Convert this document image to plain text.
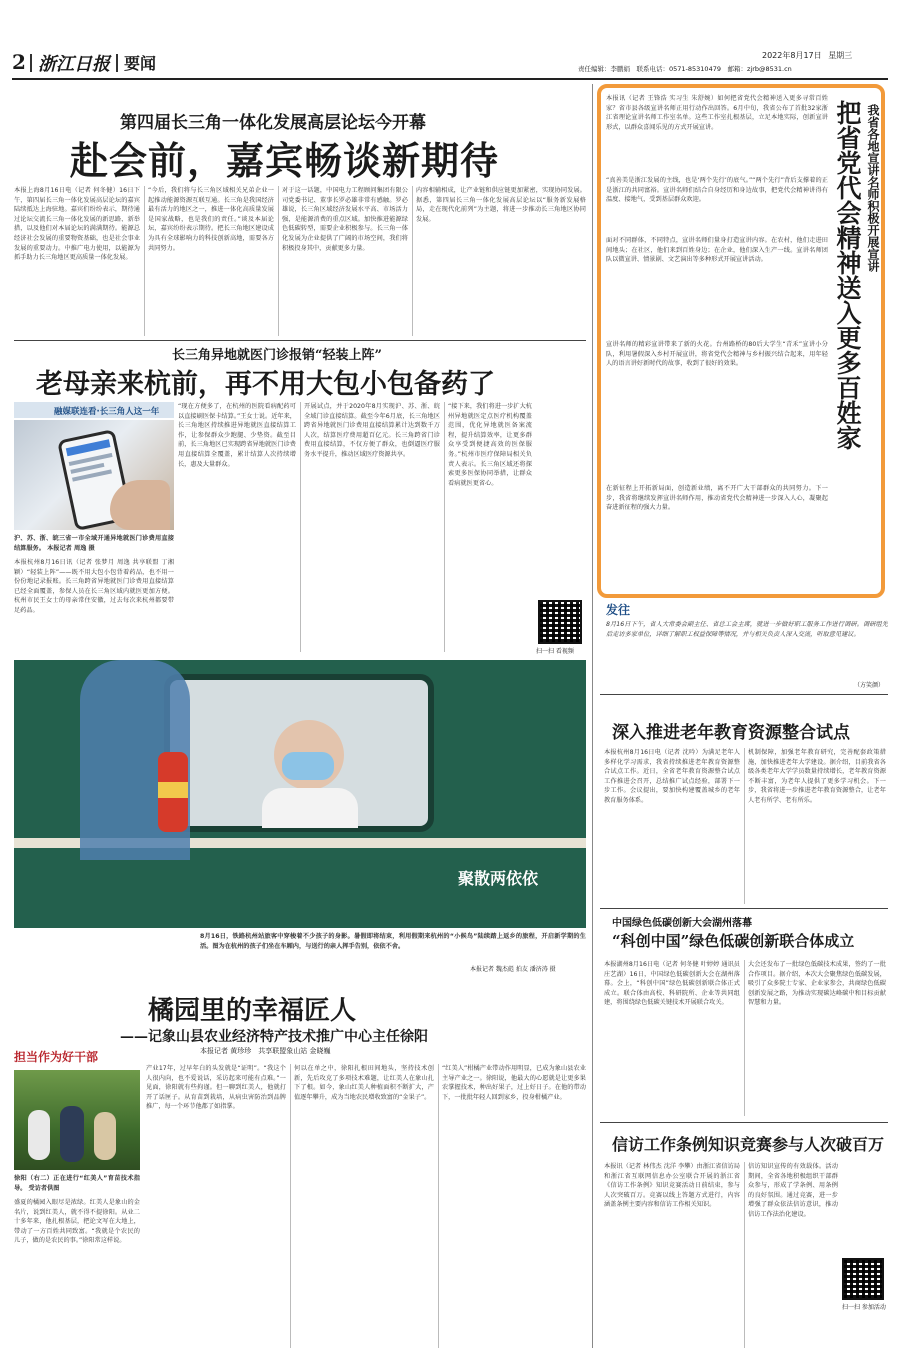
2 浙江日报 要闻	2022年8月17日 星期三
责任编辑：李鹏娟　联系电话：0571-85310479　邮箱：zjrb@8531.cn
第四届长三角一体化发展高层论坛今开幕
赴会前，嘉宾畅谈新期待
本报上海8月16日电（记者 何冬健）16日下午，第四届长三角一体化发展高层论坛的嘉宾陆续抵达上海驻地。嘉宾们纷纷表示，期待通过论坛交流长三角一体化发展的新思路、新举措，以及他们对本届论坛的满满期待。能源总经济社会发展的重要物资基础，也是社会事业发展的重要动力。中推广电力使用，以能源为抓手助力长三角地区更高质量一体化发展。
“今后，我们将与长三角区域相关兄弟企业一起推动能源资源互联互通。长三角是我国经济最有活力的地区之一，推进一体化高质量发展是国家战略，也是我们的责任。”谈及本届论坛，嘉宾纷纷表示期待。把长三角地区建设成为具有全球影响力的科技创新高地，需要各方共同努力。
对于这一话题，中国电力工程顾问集团有限公司党委书记、董事长罗必雄非常有感触。罗必雄说，长三角区域经济发展水平高、市场活力强，是能源消费的重点区域。加快推进能源绿色低碳转型，需要企业积极参与。长三角一体化发展为企业提供了广阔的市场空间，我们将积极投身其中，贡献更多力量。
内容相辅相成，让产业链和供应链更加紧密，实现协同发展。据悉，第四届长三角一体化发展高层论坛以“服务新发展格局，走在现代化前列”为主题，将进一步推动长三角地区协同发展。
长三角异地就医门诊报销“轻装上阵”
老母亲来杭前，再不用大包小包备药了
融媒联连看·长三角人这一年
沪、苏、浙、皖三省一市全域开通异地就医门诊费用直接结算服务。 本报记者 周逸 摄
本报杭州8月16日讯（记者 张梦月 周逸 共享联盟 丁湘颖）“轻装上阵”——既不用大包小包背着药品，也不用一份份地记录报账。长三角跨省异地就医门诊费用直接结算已经全面覆盖，参保人员在长三角区域内就医更加方便。杭州市民王女士的母亲常住安徽，过去每次来杭州都要带足药品。
“现在方便多了，在杭州的医院看病配药可以直接刷医保卡结算。”王女士说。近年来，长三角地区持续推进异地就医直接结算工作，让参保群众少跑腿、少垫资。截至目前，长三角地区已实现跨省异地就医门诊费用直接结算全覆盖，累计结算人次持续增长，惠及大量群众。
开展试点，并于2020年8月实现沪、苏、浙、皖全域门诊直接结算。截至今年6月底，长三角地区跨省异地就医门诊费用直接结算累计达到数千万人次，结算医疗费用超百亿元。长三角跨省门诊费用直接结算，不仅方便了群众，也倒逼医疗服务水平提升，推动区域医疗资源共享。
“接下来，我们将进一步扩大杭州异地就医定点医疗机构覆盖范围，优化异地就医备案流程，提升结算效率，让更多群众享受到便捷高效的医保服务。”杭州市医疗保障局相关负责人表示。长三角区域还将探索更多医保协同举措，让群众看病就医更省心。
扫一扫 看视频
聚散两依依
8月16日，铁路杭州站旅客中穿梭着不少孩子的身影。暑假即将结束，利用假期来杭州的“小候鸟”陆续踏上返乡的旅程，开启新学期的生活。图为在杭州的孩子们坐在车厢内，与送行的亲人挥手告别，依依不舍。
本报记者 魏杰彪 拍友 潘济涛 摄
橘园里的幸福匠人
——记象山县农业经济特产技术推广中心主任徐阳
本报记者 黄珍珍　共享联盟象山站 金晓巍
担当作为好干部
徐阳（右二）正在进行“红美人”育苗技术指导。 受访者供图
盛夏的橘园入眼尽是浓绿。红美人是象山的金名片，说到红美人，就不得不提徐阳。从业二十多年来，他扎根基层，把论文写在大地上，带动了一方百姓共同致富。“我就是个农民的儿子，做的是农民的事。”徐阳常这样说。
产业17年，过早年白的头发就是“证明”。“我这个人很内向，也不爱说话，采访起来可能有点难。”一见面，徐阳就有些拘谨。但一聊到红美人，他就打开了话匣子。从育苗到栽培，从病虫害防治到品牌推广，每一个环节他都了如指掌。
何以在单之中，徐阳扎根田间地头，坚持技术创新，先后攻克了多项技术难题，让红美人在象山扎下了根。如今，象山红美人种植面积不断扩大，产值逐年攀升，成为当地农民增收致富的“金果子”。
“红美人”柑橘产业带动作用明显，已成为象山县农业主导产业之一。徐阳说，他最大的心愿就是让更多果农掌握技术，种出好果子，过上好日子。在他的带动下，一批批年轻人回到家乡，投身柑橘产业。
本报讯（记者 王锋浩 实习生 朱舒婉）如何把省党代会精神送入更多寻常百姓家？省市县各级宣讲名师正用行动作出回答。6月中旬，我省公布了首批32家浙江省理论宣讲名师工作室名单。这些工作室扎根基层，立足本地实际，创新宣讲形式，以群众喜闻乐见的方式开展宣讲。
“真善美是浙江发展的主线，也是‘两个先行’的底气。”“两个先行”背后支撑着的正是浙江的共同富裕。宣讲名师们结合自身经历和身边故事，把党代会精神讲得有温度、接地气，受到基层群众欢迎。
面对不同群体，不同特点，宣讲名师们量身打造宣讲内容。在农村，他们走进田间地头；在社区，他们来到百姓身边；在企业，他们深入生产一线。宣讲名师团队以微宣讲、情景剧、文艺演出等多种形式开展宣讲活动。
宣讲名师的精彩宣讲带来了新的火花。台州路桥的80后大学生“青禾”宣讲小分队，利用暑假深入乡村开展宣讲，将省党代会精神与乡村振兴结合起来，用年轻人的语言讲好新时代的故事，收到了很好的效果。
在新征程上开拓新局面，创造新业绩，离不开广大干部群众的共同努力。下一步，我省将继续发挥宣讲名师作用，推动省党代会精神进一步深入人心，凝聚起奋进新征程的强大力量。
把省党代会精神送入更多百姓家 我省各地宣讲名师积极开展宣讲
发往
8月16日下午，省人大常委会副主任、省总工会主席，就进一步做好职工服务工作进行调研。调研组先后走访多家单位，详细了解职工权益保障等情况，并与相关负责人深入交流，听取意见建议。
（方笑颜）
深入推进老年教育资源整合试点
本报杭州8月16日电（记者 沈吟）为满足老年人多样化学习需求，我省持续推进老年教育资源整合试点工作。近日，全省老年教育资源整合试点工作推进会召开，总结推广试点经验，部署下一步工作。会议提出，要加快构建覆盖城乡的老年教育服务体系。
机制保障，加强老年教育研究，完善配套政策措施，加快推进老年大学建设。据介绍，目前我省各级各类老年大学学员数量持续增长，老年教育资源不断丰富，为老年人提供了更多学习机会。下一步，我省将进一步推进老年教育资源整合，让老年人老有所学、老有所乐。
中国绿色低碳创新大会湖州落幕
“科创中国”绿色低碳创新联合体成立
本报湖州8月16日电（记者 何冬健 叶婷婷 通讯员 庄艺湖）16日，中国绿色低碳创新大会在湖州落幕。会上，“科创中国”绿色低碳创新联合体正式成立。联合体由高校、科研院所、企业等共同组建，将围绕绿色低碳关键技术开展联合攻关。
大会还发布了一批绿色低碳技术成果，签约了一批合作项目。据介绍，本次大会聚焦绿色低碳发展，吸引了众多院士专家、企业家参会，共商绿色低碳创新发展之路，为推动实现碳达峰碳中和目标贡献智慧和力量。
信访工作条例知识竞赛参与人次破百万
本报讯（记者 林伟杰 沈洋 李攀）由浙江省信访局和浙江省互联网信息办公室联合开展的浙江省《信访工作条例》知识竞赛活动日前结束，参与人次突破百万。竞赛以线上答题方式进行，内容涵盖条例主要内容和信访工作相关知识。
信访知识宣传的有效载体。活动期间，全省各地积极组织干部群众参与，形成了学条例、用条例的良好氛围。通过竞赛，进一步增强了群众依法信访意识，推动信访工作法治化建设。
扫一扫 参加活动
